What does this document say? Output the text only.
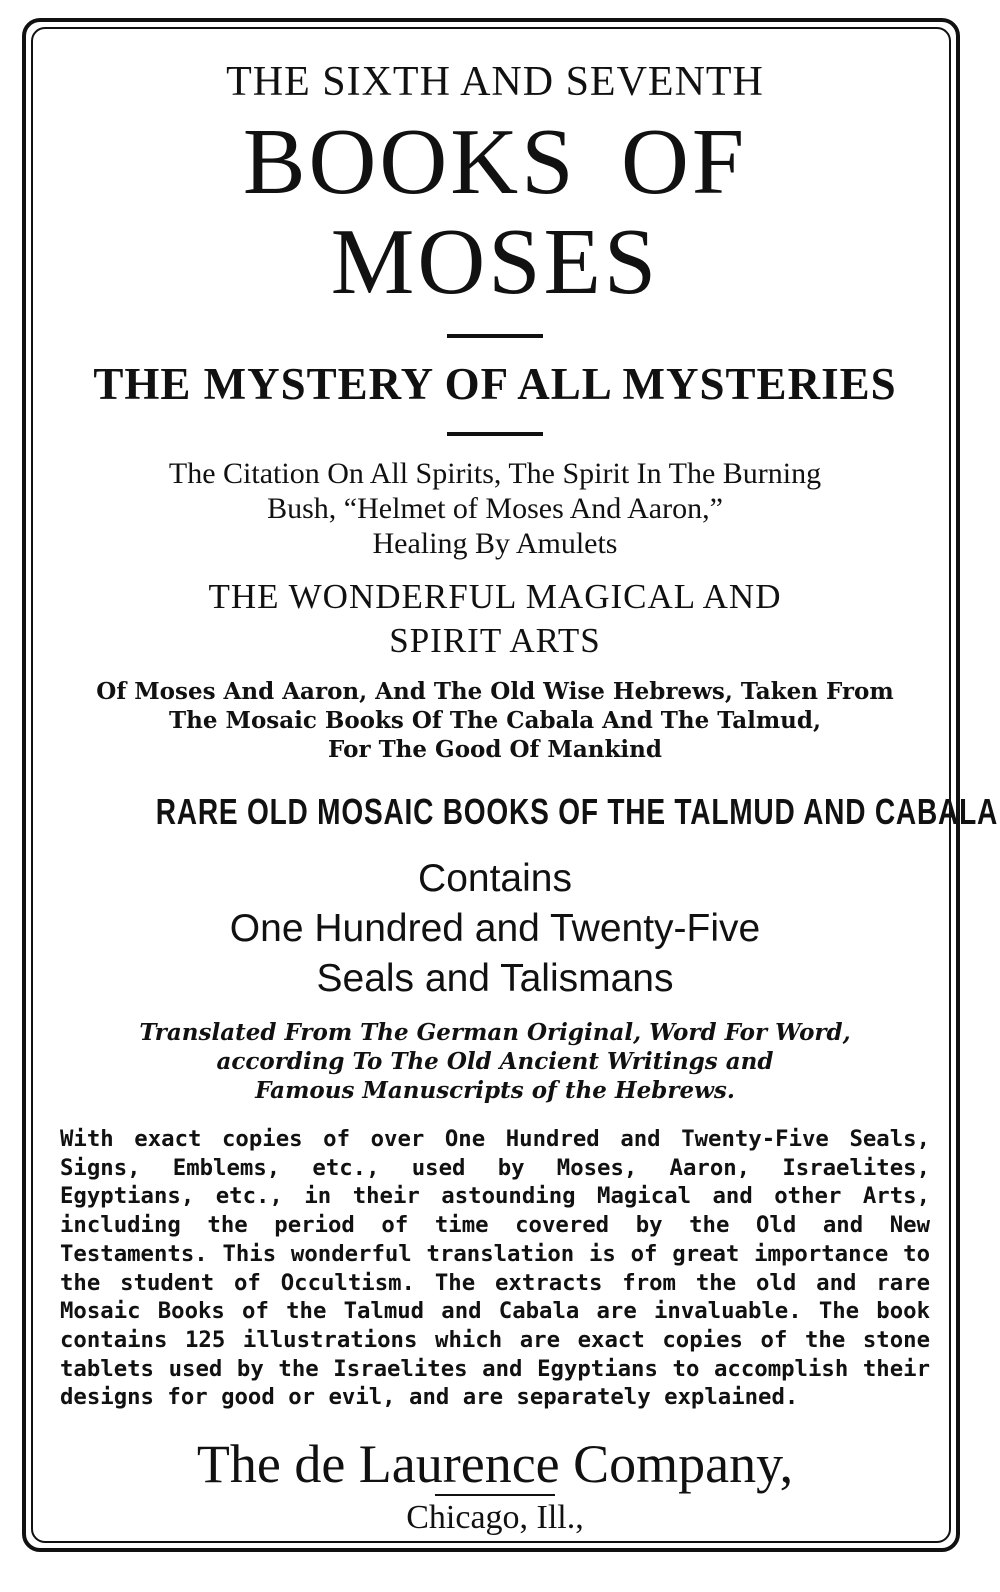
THE SIXTH AND SEVENTH
BOOKS OF MOSES
THE MYSTERY OF ALL MYSTERIES
The Citation On All Spirits, The Spirit In The Burning
Bush, “Helmet of Moses And Aaron,”
Healing By Amulets
THE WONDERFUL MAGICAL AND
SPIRIT ARTS
Of Moses And Aaron, And The Old Wise Hebrews, Taken From
The Mosaic Books Of The Cabala And The Talmud,
For The Good Of Mankind
RARE OLD MOSAIC BOOKS OF THE TALMUD AND CABALA
Contains
One Hundred and Twenty-Five
Seals and Talismans
Translated From The German Original, Word For Word,
according To The Old Ancient Writings and
Famous Manuscripts of the Hebrews.
With exact copies of over One Hundred and Twenty-Five Seals, Signs, Emblems, etc., used by Moses, Aaron, Israelites, Egyptians, etc., in their astounding Magical and other Arts, including the period of time covered by the Old and New Testaments. This wonderful translation is of great importance to the student of Occultism. The extracts from the old and rare Mosaic Books of the Talmud and Cabala are invaluable. The book contains 125 illustrations which are exact copies of the stone tablets used by the Israelites and Egyptians to accomplish their designs for good or evil, and are separately explained.
The de Laurence Company,
Chicago, Ill.,
